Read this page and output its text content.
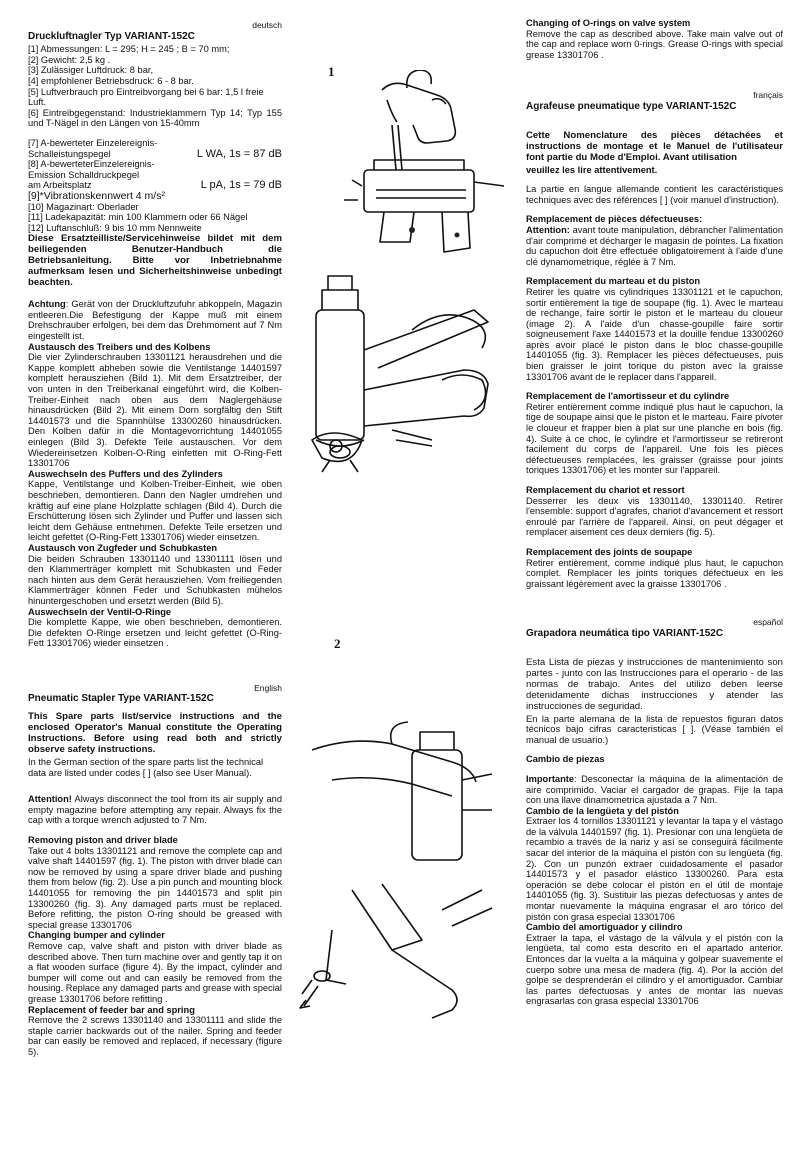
deutsch

Druckluftnagler Typ VARIANT-152C

[1] Abmessungen: L = 295; H = 245 ; B = 70 mm;

[2] Gewicht: 2,5 kg .

[3] Zulässiger Luftdruck: 8 bar,

[4] empfohlener Betriebsdruck: 6 - 8 bar.

[5] Luftverbrauch pro Eintreibvorgang bei 6 bar: 1,5 l freie Luft.

[6] Eintreibgegenstand: Industrieklammern Typ 14; Typ 155 und T-Nägel in den Längen von 15-40mm

[7] A-bewerteter Einzelereignis-

Schalleistungspegel	L WA, 1s = 87 dB

[8] A-bewerteterEinzelereignis-

Emission Schalldruckpegel

am Arbeitsplatz	L pA, 1s = 79 dB

[9]*Vibrationskennwert 4 m/s²

[10] Magazinart: Oberlader

[11] Ladekapazität: min 100 Klammern oder 66 Nägel

[12] Luftanschluß: 9 bis 10 mm Nennweite

Diese Ersatzteilliste/Servicehinweise bildet mit dem beiliegenden Benutzer-Handbuch die Betriebsanleitung. Bitte vor Inbetriebnahme aufmerksam lesen und Sicherheitshinweise unbedingt beachten.

Achtung: Gerät von der Druckluftzufuhr abkoppeln, Magazin entleeren.Die Befestigung der Kappe muß mit einem Drehschrauber erfolgen, bei dem das Drehmoment auf 7 Nm eingestellt ist.

Austausch des Treibers und des Kolbens

Die vier Zylinderschrauben 13301121 herausdrehen und die Kappe komplett abheben sowie die Ventilstange 14401597 komplett herausziehen (Bild 1). Mit dem Ersatztreiber, der von unten in den Treiberkanal eingeführt wird, die Kolben-Treiber-Einheit nach oben aus dem Naglergehäuse hinausdrücken (Bild 2). Mit einem Dorn sorgfältig den Stift 14401573 und die Spannhülse 13300260 hinausdrücken. Den Kolben dafür in die Montagevorrichtung 14401055 einlegen (Bild 3). Defekte Teile austauschen. Vor dem Wiedereinsetzen Kolben-O-Ring einfetten mit O-Ring-Fett 13301706

Auswechseln des Puffers und des Zylinders

Kappe, Ventilstange und Kolben-Treiber-Einheit, wie oben beschrieben, demontieren. Dann den Nagler umdrehen und kräftig auf eine plane Holzplatte schlagen (Bild 4). Durch die Erschütterung lösen sich Zylinder und Puffer und lassen sich leicht dem Gehäuse entnehmen. Defekte Teile ersetzen und leicht gefettet (O-Ring-Fett 13301706) wieder einsetzen.

Austausch von Zugfeder und Schubkasten

Die beiden Schrauben 13301140 und 13301111 lösen und den Klammerträger komplett mit Schubkasten und Feder nach hinten aus dem Gerät herausziehen. Vom freiliegenden Klammerträger können Feder und Schubkasten mühelos hinuntergeschoben und ersetzt werden (Bild 5).

Auswechseln der Ventil-O-Ringe

Die komplette Kappe, wie oben beschrieben, demontieren. Die defekten O-Ringe ersetzen und leicht gefettet (O-Ring-Fett 13301706) wieder einsetzen .

English

Pneumatic Stapler Type VARIANT-152C

This Spare parts list/service instructions and the enclosed Operator's Manual constitute the Operating Instructions. Before using read both and strictly observe safety instructions.

In the German section of the spare parts list the technical data are listed under codes [ ] (also see User Manual).

Attention! Always disconnect the tool from its air supply and empty magazine before attempting any repair. Always fix the cap with a torque wrench adjusted to 7 Nm.

Removing piston and driver blade

Take out 4 bolts 13301121 and remove the complete cap and valve shaft 14401597 (fig. 1). The piston with driver blade can now be removed by using a spare driver blade and pushing them from below (fig. 2). Use a pin punch and mounting block 14401055 for removing the pin 14401573 and split pin 13300260 (fig. 3). Any damaged parts must be replaced. Before refitting, the piston O-ring should be greased with special grease 13301706

Changing bumper and cylinder

Remove cap, valve shaft and piston with driver blade as described above. Then turn machine over and gently tap it on a flat wooden surface (figure 4). By the impact, cylinder and bumper will come out and can easily be removed from the housing. Replace any damaged parts and grease with special grease 13301706 before refitting .

Replacement of feeder bar and spring

Remove the 2 screws 13301140 and 13301111 and slide the staple carrier backwards out of the nailer. Spring and feeder bar can easily be removed and replaced, if necessary (figure 5).

1
2

Changing of O-rings on valve system

Remove the cap as described above. Take main valve out of the cap and replace worn 0-rings. Grease O-rings with special grease 13301706 .

français

Agrafeuse pneumatique type VARIANT-152C

Cette Nomenclature des pièces détachées et instructions de montage et le Manuel de l'utilisateur font partie du Mode d'Emploi. Avant utilisation

veuillez les lire attentivement.

La partie en langue allemande contient les caractéristiques techniques avec des références [ ] (voir manuel d'instruction).

Remplacement de pièces défectueuses:

Attention: avant toute manipulation, débrancher l'alimentation d'air comprimé et décharger le magasin de pointes. La fixation du capuchon doit être effectuée obligatoirement à l'aide d'une clé dynamometrique, réglée à 7 Nm.

Remplacement du marteau et du piston

Retirer les quatre vis cylindriques 13301121 et le capuchon, sortir entièrement la tige de soupape (fig. 1). Avec le marteau de rechange, faire sortir le piston et le marteau du cloueur (image 2). A l'aide d'un chasse-goupille faire sortir soigneusement l'axe 14401573 et la douille fendue 13300260 après avoir placé le piston dans le bloc chasse-goupille 14401055 (fig. 3). Remplacer les pièces défectueuses, puis bien graisser le joint torique du piston avec la graisse 13301706 avant de le replacer dans l'appareil.

Remplacement de l'amortisseur et du cylindre

Retirer entièrement comme indiqué plus haut le capuchon, la tige de soupape ainsi que le piston et le marteau. Faire pivoter le cloueur et frapper bien à plat sur une planche en bois (fig. 4). Suite à ce choc, le cylindre et l'armortisseur se retireront facilement du corps de l'appareil. Une fois les pièces défectueuses remplacées, les graisser (graisse pour joints toriques 13301706) et les monter sur l'appareil.

Remplacement du chariot et ressort

Desserrer les deux vis 13301140, 13301140. Retirer l'ensemble: support d'agrafes, chariot d'avancement et ressort enroulé par l'arrière de l'appareil. Ainsi, on peut dégager et remplacer aisement ces deux derniers (fig. 5).

Remplacement des joints de soupape

Retirer entièrement, comme indiqué plus haut, le capuchon complet. Remplacer les joints toriques défectueux en les graissant légèrement avec la graisse 13301706 .

español

Grapadora neumática tipo VARIANT-152C

Esta Lista de piezas y instrucciones de mantenimiento son partes - junto con las Instrucciones para el operario - de las normas de trabajo. Antes del utilizo deben leerse detenidamente dichas instrucciones y atender las instrucciones de seguridad.

En la parte alemana de la lista de repuestos figuran datos técnicos bajo cifras caracteristicas [ ]. (Véase también el manual de usuario.)

Cambio de piezas

Importante: Desconectar la máquina de la alimentación de aire comprimido. Vaciar el cargador de grapas. Fije la tapa con una llave dinamometrica ajustada a 7 Nm.

Cambio de la lengüeta y del pistón

Extraer los 4 tornillos 13301121 y levantar la tapa y el vástago de la válvula 14401597 (fig. 1). Presionar con una lengüeta de recambio a través de la nariz y así se conseguirá fácilmente sacar del interior de la máquina el pistón con su lengüeta (fig. 2). Con un punzón extraer cuidadosamente el pasador 14401573 y el pasador elástico 13300260. Para esta operación se debe colocar el pistón en el útil de montaje 14401055 (fig. 3). Sustituir las piezas defectuosas y antes de montar nuevamente la máquina engrasar el aro tórico del pistón con grasa especial 13301706

Cambio del amortiguador y cilindro

Extraer la tapa, el vástago de la válvula y el pistón con la lengüeta, tal como esta descrito en el apartado anterior. Entonces dar la vuelta a la máquina y golpear suavemente el cuerpo sobre una mesa de madera (fig. 4). Por la acción del golpe se desprenderán el cilindro y el amortiguador. Cambiar las partes defectuosas y antes de montar las nuevas engrasarlas con grasa especial 13301706
